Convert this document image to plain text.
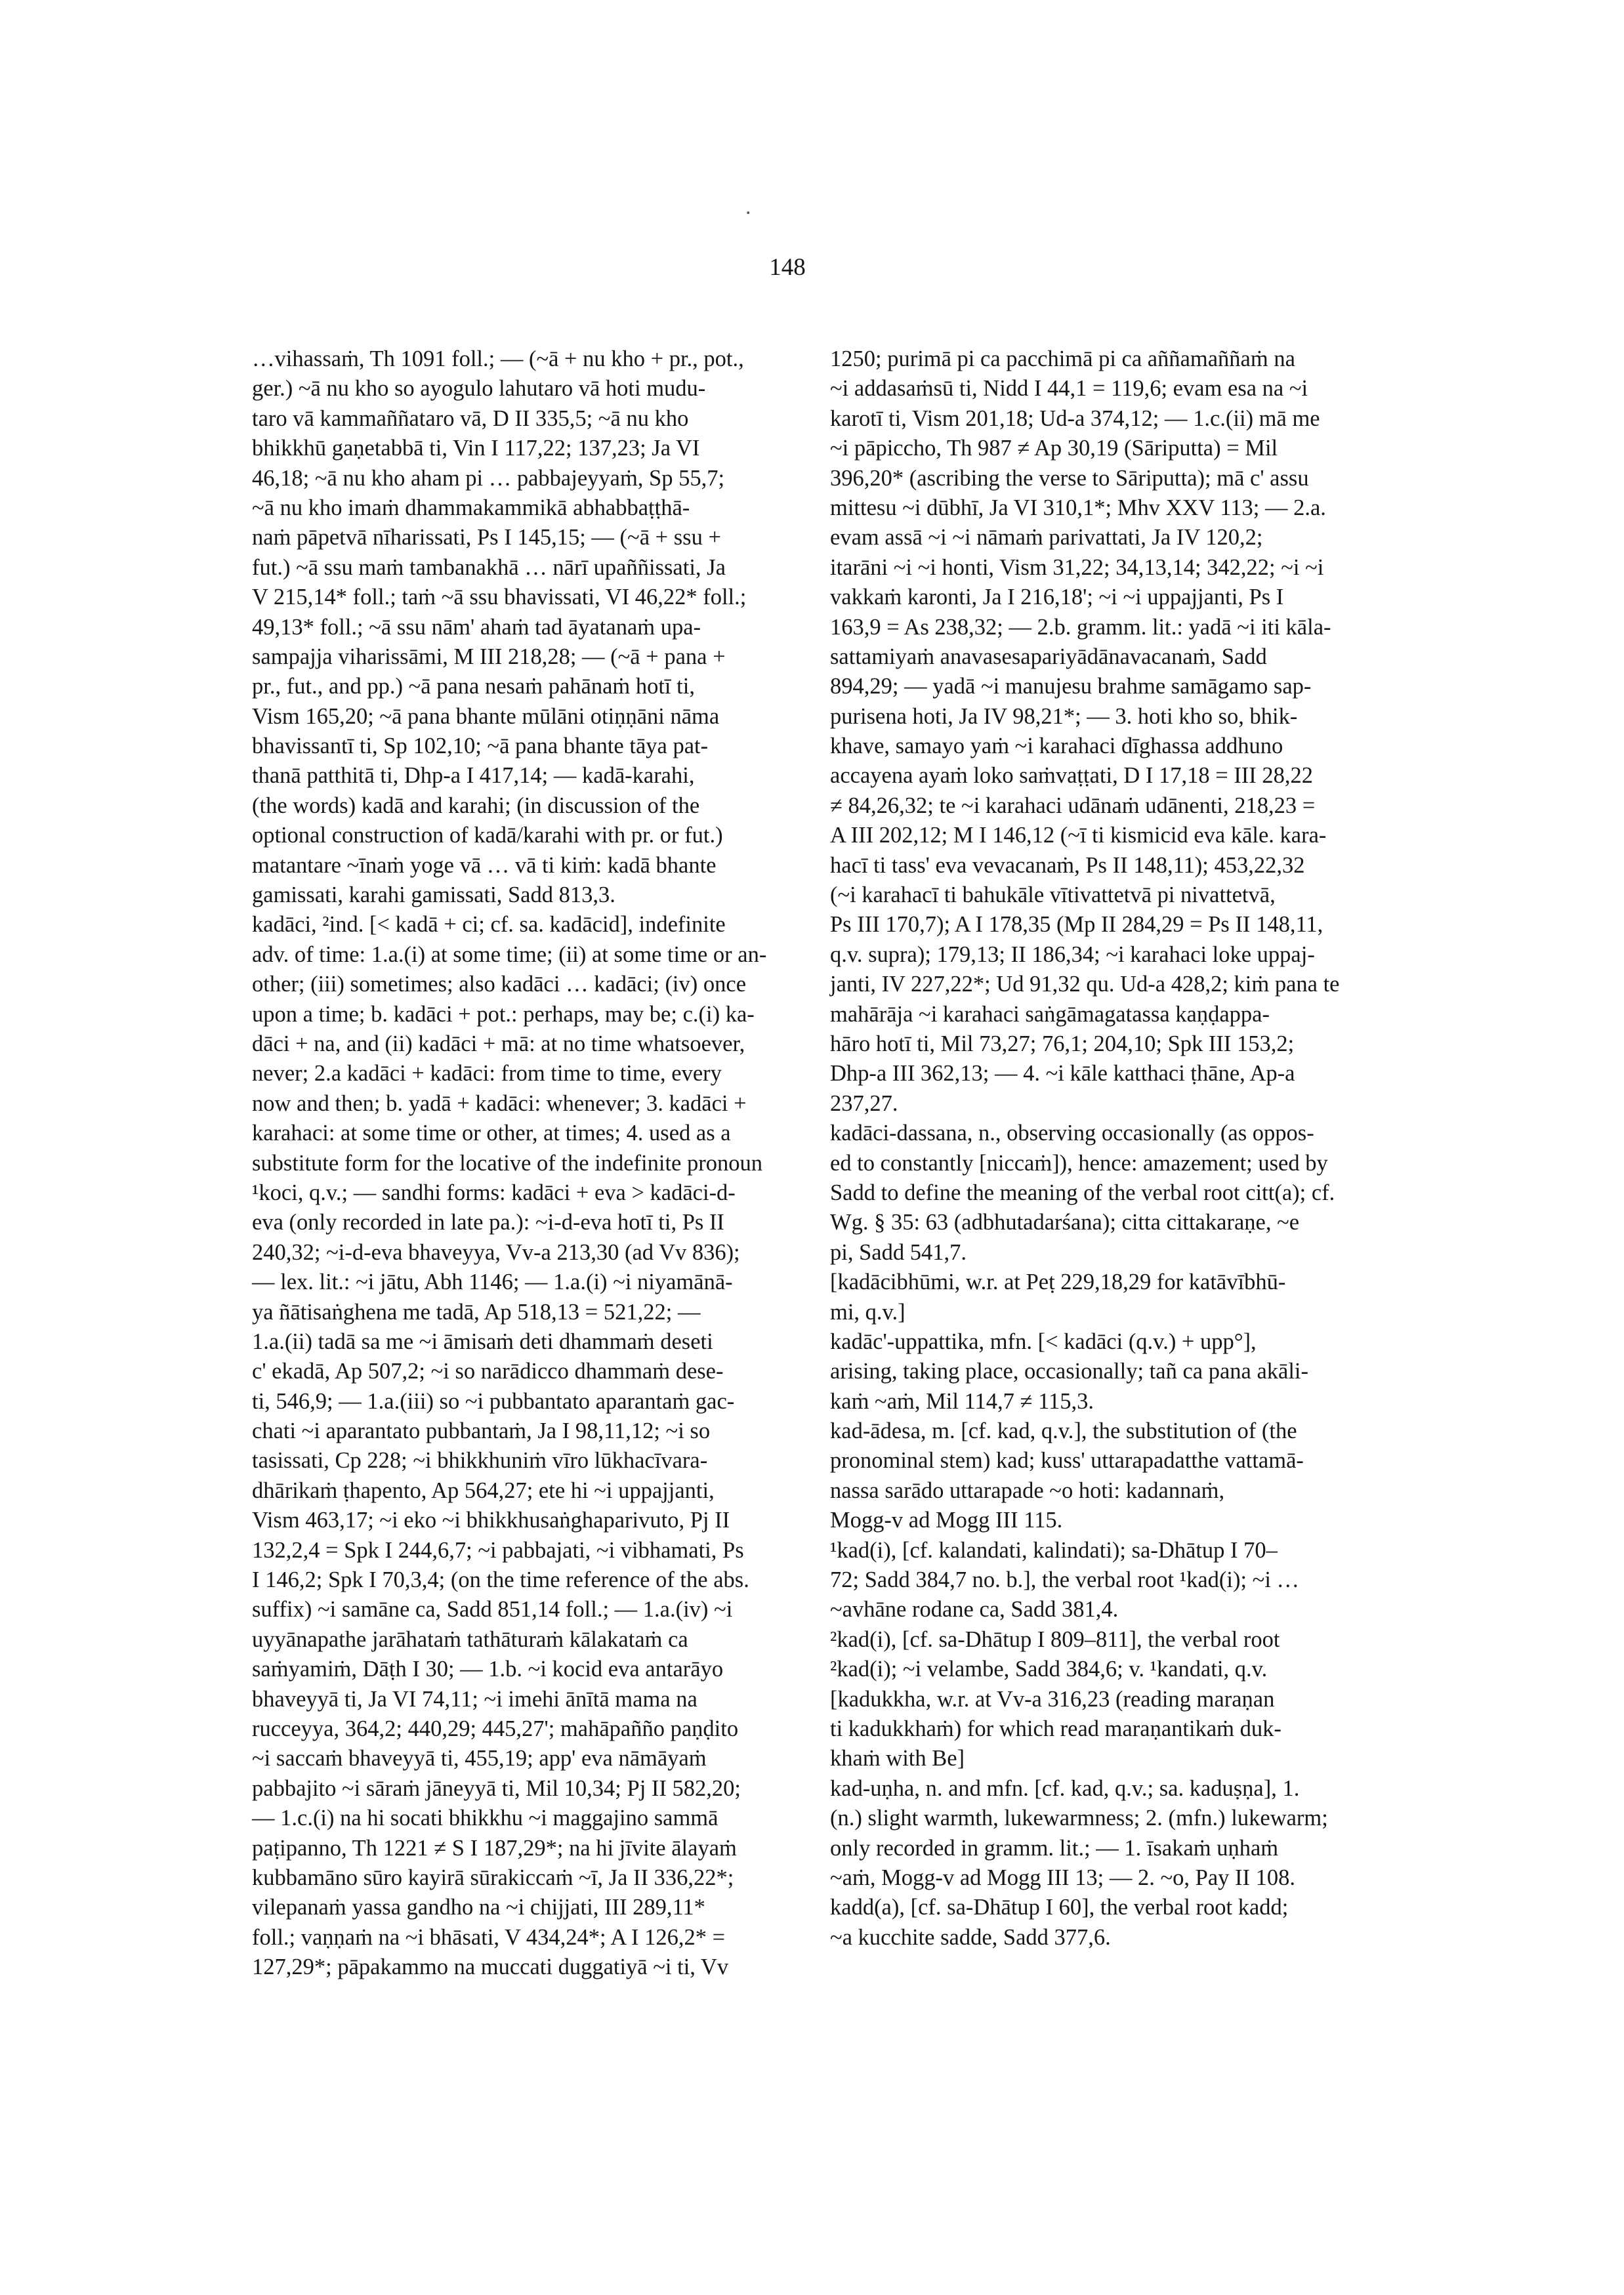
.
148
…vihassaṁ, Th 1091 foll.; — (~ā + nu kho + pr., pot.,
ger.) ~ā nu kho so ayogulo lahutaro vā hoti mudu-
taro vā kammaññataro vā, D II 335,5; ~ā nu kho
bhikkhū gaṇetabbā ti, Vin I 117,22; 137,23; Ja VI
46,18; ~ā nu kho aham pi … pabbajeyyaṁ, Sp 55,7;
~ā nu kho imaṁ dhammakammikā abhabbaṭṭhā-
naṁ pāpetvā nīharissati, Ps I 145,15; — (~ā + ssu +
fut.) ~ā ssu maṁ tambanakhā … nārī upaññissati, Ja
V 215,14* foll.; taṁ ~ā ssu bhavissati, VI 46,22* foll.;
49,13* foll.; ~ā ssu nām' ahaṁ tad āyatanaṁ upa-
sampajja viharissāmi, M III 218,28; — (~ā + pana +
pr., fut., and pp.) ~ā pana nesaṁ pahānaṁ hotī ti,
Vism 165,20; ~ā pana bhante mūlāni otiṇṇāni nāma
bhavissantī ti, Sp 102,10; ~ā pana bhante tāya pat-
thanā patthitā ti, Dhp-a I 417,14; — kadā-karahi,
(the words) kadā and karahi; (in discussion of the
optional construction of kadā/karahi with pr. or fut.)
matantare ~īnaṁ yoge vā … vā ti kiṁ: kadā bhante
gamissati, karahi gamissati, Sadd 813,3.
kadāci, ²ind. [< kadā + ci; cf. sa. kadācid], indefinite
adv. of time: 1.a.(i) at some time; (ii) at some time or an-
other; (iii) sometimes; also kadāci … kadāci; (iv) once
upon a time; b. kadāci + pot.: perhaps, may be; c.(i) ka-
dāci + na, and (ii) kadāci + mā: at no time whatsoever,
never; 2.a kadāci + kadāci: from time to time, every
now and then; b. yadā + kadāci: whenever; 3. kadāci +
karahaci: at some time or other, at times; 4. used as a
substitute form for the locative of the indefinite pronoun
¹koci, q.v.; — sandhi forms: kadāci + eva > kadāci-d-
eva (only recorded in late pa.): ~i-d-eva hotī ti, Ps II
240,32; ~i-d-eva bhaveyya, Vv-a 213,30 (ad Vv 836);
— lex. lit.: ~i jātu, Abh 1146; — 1.a.(i) ~i niyamānā-
ya ñātisaṅghena me tadā, Ap 518,13 = 521,22; —
1.a.(ii) tadā sa me ~i āmisaṁ deti dhammaṁ deseti
c' ekadā, Ap 507,2; ~i so narādicco dhammaṁ dese-
ti, 546,9; — 1.a.(iii) so ~i pubbantato aparantaṁ gac-
chati ~i aparantato pubbantaṁ, Ja I 98,11,12; ~i so
tasissati, Cp 228; ~i bhikkhuniṁ vīro lūkhacīvara-
dhārikaṁ ṭhapento, Ap 564,27; ete hi ~i uppajjanti,
Vism 463,17; ~i eko ~i bhikkhusaṅghaparivuto, Pj II
132,2,4 = Spk I 244,6,7; ~i pabbajati, ~i vibhamati, Ps
I 146,2; Spk I 70,3,4; (on the time reference of the abs.
suffix) ~i samāne ca, Sadd 851,14 foll.; — 1.a.(iv) ~i
uyyānapathe jarāhataṁ tathāturaṁ kālakataṁ ca
saṁyamiṁ, Dāṭh I 30; — 1.b. ~i kocid eva antarāyo
bhaveyyā ti, Ja VI 74,11; ~i imehi ānītā mama na
rucceyya, 364,2; 440,29; 445,27'; mahāpañño paṇḍito
~i saccaṁ bhaveyyā ti, 455,19; app' eva nāmāyaṁ
pabbajito ~i sāraṁ jāneyyā ti, Mil 10,34; Pj II 582,20;
— 1.c.(i) na hi socati bhikkhu ~i maggajino sammā
paṭipanno, Th 1221 ≠ S I 187,29*; na hi jīvite ālayaṁ
kubbamāno sūro kayirā sūrakiccaṁ ~ī, Ja II 336,22*;
vilepanaṁ yassa gandho na ~i chijjati, III 289,11*
foll.; vaṇṇaṁ na ~i bhāsati, V 434,24*; A I 126,2* =
127,29*; pāpakammo na muccati duggatiyā ~i ti, Vv
1250; purimā pi ca pacchimā pi ca aññamaññaṁ na
~i addasaṁsū ti, Nidd I 44,1 = 119,6; evam esa na ~i
karotī ti, Vism 201,18; Ud-a 374,12; — 1.c.(ii) mā me
~i pāpiccho, Th 987 ≠ Ap 30,19 (Sāriputta) = Mil
396,20* (ascribing the verse to Sāriputta); mā c' assu
mittesu ~i dūbhī, Ja VI 310,1*; Mhv XXV 113; — 2.a.
evam assā ~i ~i nāmaṁ parivattati, Ja IV 120,2;
itarāni ~i ~i honti, Vism 31,22; 34,13,14; 342,22; ~i ~i
vakkaṁ karonti, Ja I 216,18'; ~i ~i uppajjanti, Ps I
163,9 = As 238,32; — 2.b. gramm. lit.: yadā ~i iti kāla-
sattamiyaṁ anavasesapariyādānavacanaṁ, Sadd
894,29; — yadā ~i manujesu brahme samāgamo sap-
purisena hoti, Ja IV 98,21*; — 3. hoti kho so, bhik-
khave, samayo yaṁ ~i karahaci dīghassa addhuno
accayena ayaṁ loko saṁvaṭṭati, D I 17,18 = III 28,22
≠ 84,26,32; te ~i karahaci udānaṁ udānenti, 218,23 =
A III 202,12; M I 146,12 (~ī ti kismicid eva kāle. kara-
hacī ti tass' eva vevacanaṁ, Ps II 148,11); 453,22,32
(~i karahacī ti bahukāle vītivattetvā pi nivattetvā,
Ps III 170,7); A I 178,35 (Mp II 284,29 = Ps II 148,11,
q.v. supra); 179,13; II 186,34; ~i karahaci loke uppaj-
janti, IV 227,22*; Ud 91,32 qu. Ud-a 428,2; kiṁ pana te
mahārāja ~i karahaci saṅgāmagatassa kaṇḍappa-
hāro hotī ti, Mil 73,27; 76,1; 204,10; Spk III 153,2;
Dhp-a III 362,13; — 4. ~i kāle katthaci ṭhāne, Ap-a
237,27.
kadāci-dassana, n., observing occasionally (as oppos-
ed to constantly [niccaṁ]), hence: amazement; used by
Sadd to define the meaning of the verbal root citt(a); cf.
Wg. § 35: 63 (adbhutadarśana); citta cittakaraṇe, ~e
pi, Sadd 541,7.
[kadācibhūmi, w.r. at Peṭ 229,18,29 for katāvībhū-
mi, q.v.]
kadāc'-uppattika, mfn. [< kadāci (q.v.) + upp°],
arising, taking place, occasionally; tañ ca pana akāli-
kaṁ ~aṁ, Mil 114,7 ≠ 115,3.
kad-ādesa, m. [cf. kad, q.v.], the substitution of (the
pronominal stem) kad; kuss' uttarapadatthe vattamā-
nassa sarādo uttarapade ~o hoti: kadannaṁ,
Mogg-v ad Mogg III 115.
¹kad(i), [cf. kalandati, kalindati); sa-Dhātup I 70–
72; Sadd 384,7 no. b.], the verbal root ¹kad(i); ~i …
~avhāne rodane ca, Sadd 381,4.
²kad(i), [cf. sa-Dhātup I 809–811], the verbal root
²kad(i); ~i velambe, Sadd 384,6; v. ¹kandati, q.v.
[kadukkha, w.r. at Vv-a 316,23 (reading maraṇan
ti kadukkhaṁ) for which read maraṇantikaṁ duk-
khaṁ with Be]
kad-uṇha, n. and mfn. [cf. kad, q.v.; sa. kaduṣṇa], 1.
(n.) slight warmth, lukewarmness; 2. (mfn.) lukewarm;
only recorded in gramm. lit.; — 1. īsakaṁ uṇhaṁ
~aṁ, Mogg-v ad Mogg III 13; — 2. ~o, Pay II 108.
kadd(a), [cf. sa-Dhātup I 60], the verbal root kadd;
~a kucchite sadde, Sadd 377,6.
